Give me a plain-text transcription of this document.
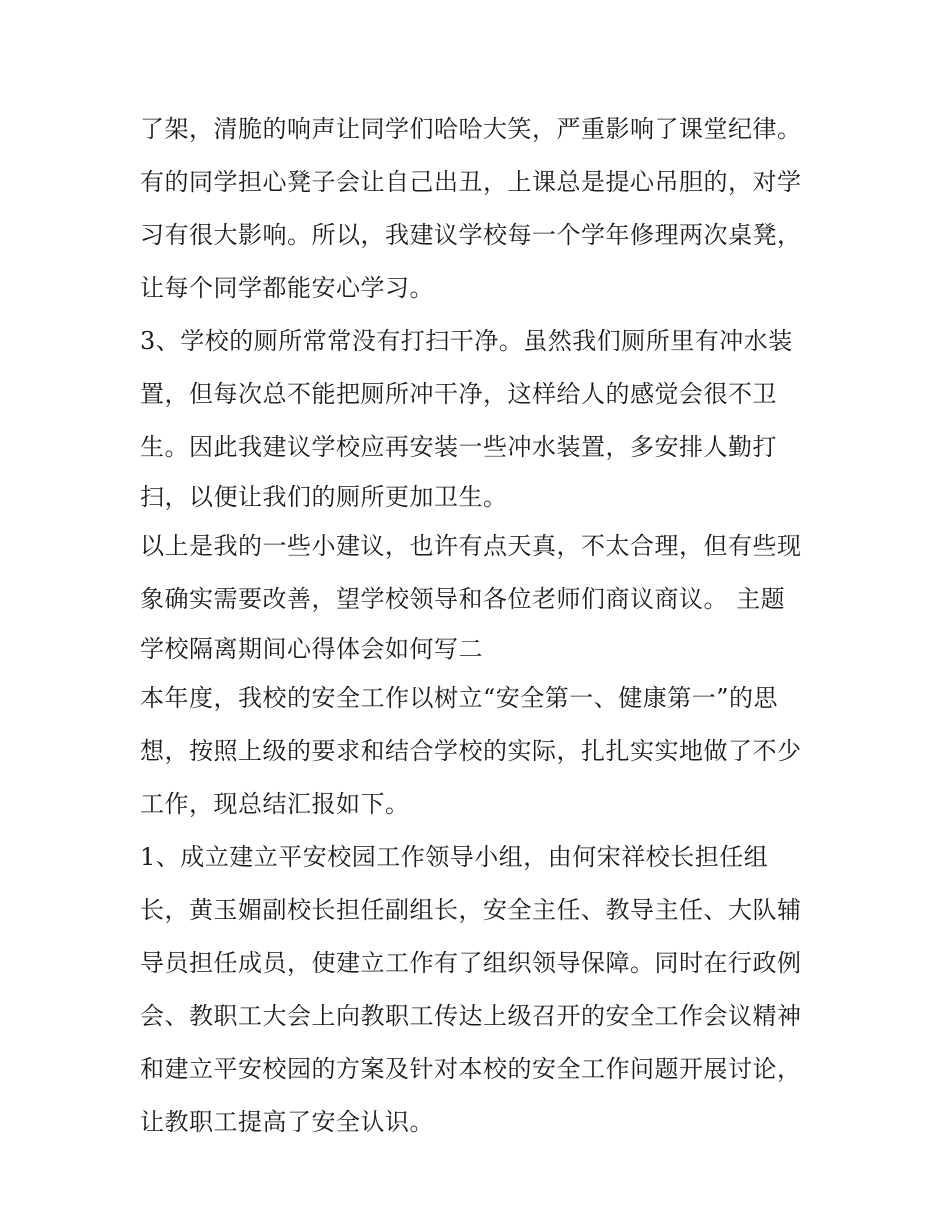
了架，清脆的响声让同学们哈哈大笑，严重影响了课堂纪律。
有的同学担心凳子会让自己出丑，上课总是提心吊胆的，对学
习有很大影响。所以，我建议学校每一个学年修理两次桌凳，
让每个同学都能安心学习。
3、学校的厕所常常没有打扫干净。虽然我们厕所里有冲水装
置，但每次总不能把厕所冲干净，这样给人的感觉会很不卫
生。因此我建议学校应再安装一些冲水装置，多安排人勤打
扫，以便让我们的厕所更加卫生。
以上是我的一些小建议，也许有点天真，不太合理，但有些现
象确实需要改善，望学校领导和各位老师们商议商议。 主题
学校隔离期间心得体会如何写二
本年度，我校的安全工作以树立“安全第一、健康第一”的思
想，按照上级的要求和结合学校的实际，扎扎实实地做了不少
工作，现总结汇报如下。
1、成立建立平安校园工作领导小组，由何宋祥校长担任组
长，黄玉媚副校长担任副组长，安全主任、教导主任、大队辅
导员担任成员，使建立工作有了组织领导保障。同时在行政例
会、教职工大会上向教职工传达上级召开的安全工作会议精神
和建立平安校园的方案及针对本校的安全工作问题开展讨论，
让教职工提高了安全认识。
